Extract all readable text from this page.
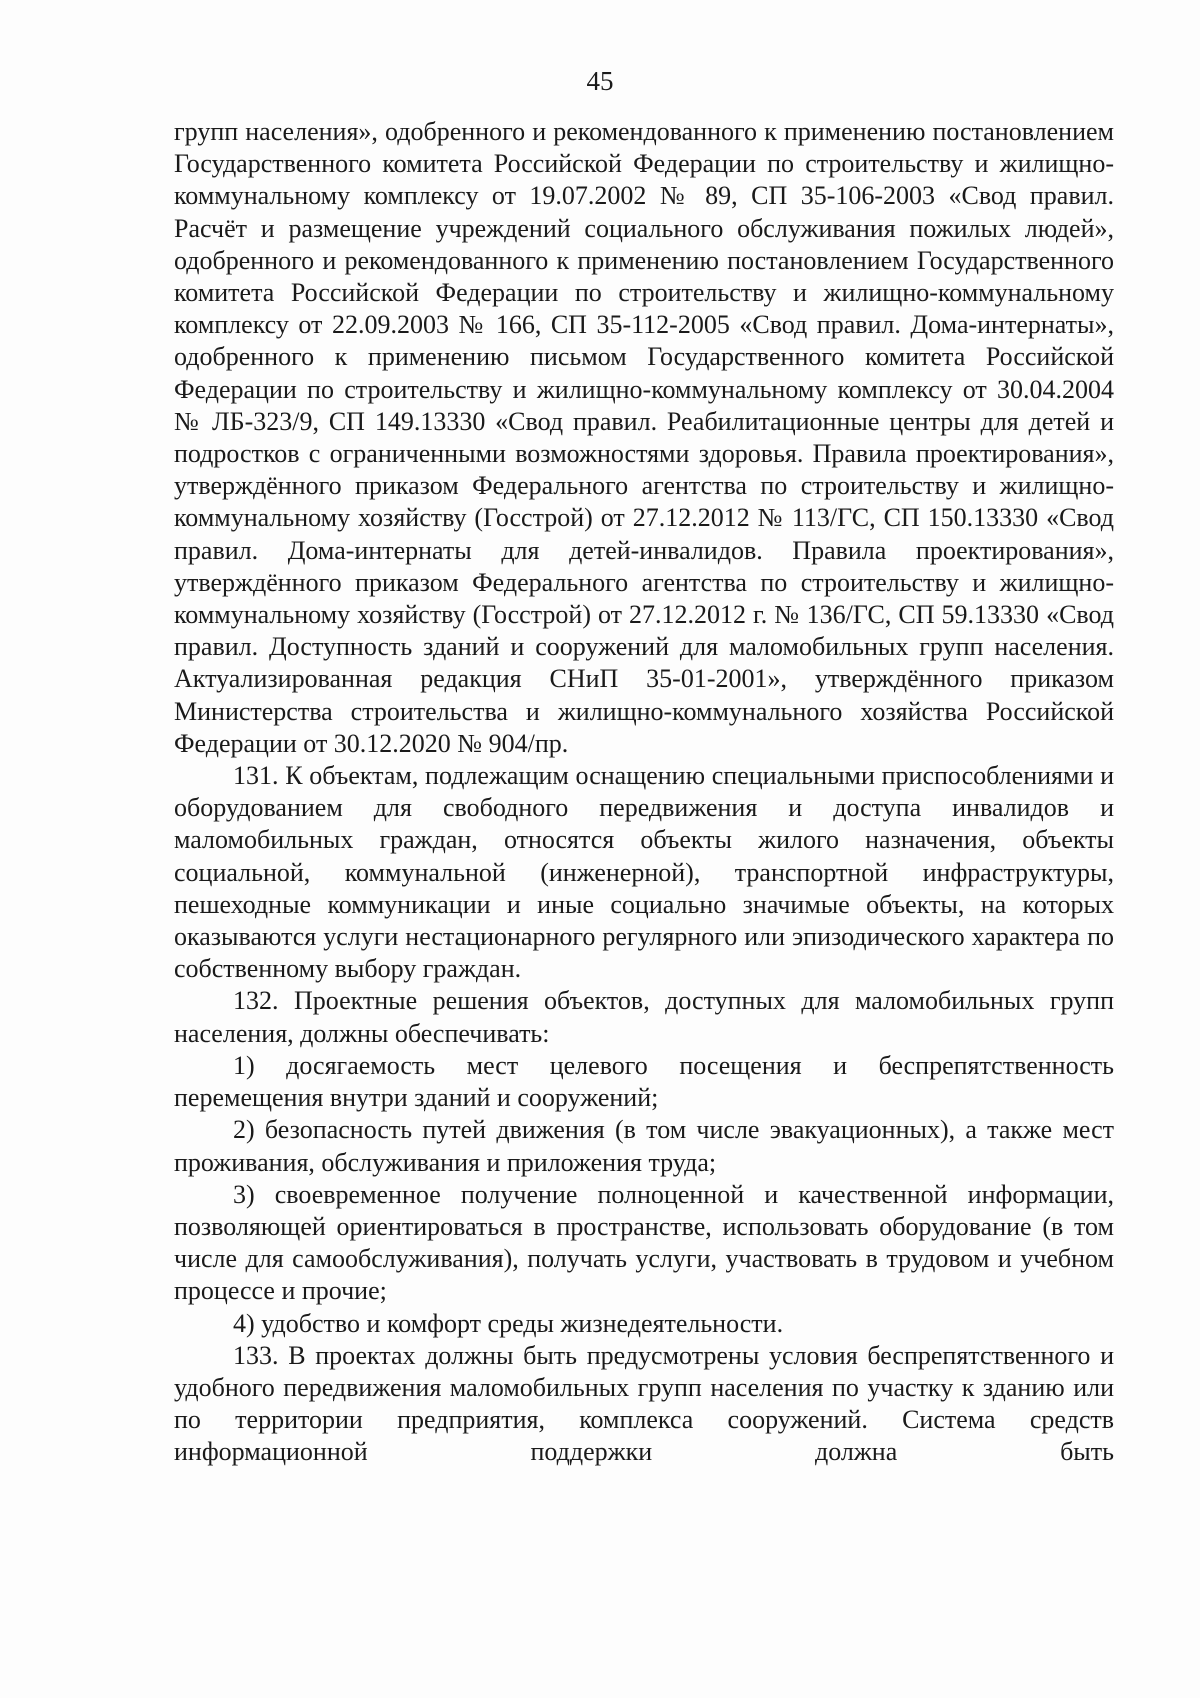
45

групп населения», одобренного и рекомендованного к применению постановлением Государственного комитета Российской Федерации по строительству и жилищно-коммунальному комплексу от 19.07.2002 № 89, СП 35-106-2003 «Свод правил. Расчёт и размещение учреждений социального обслуживания пожилых людей», одобренного и рекомендованного к применению постановлением Государственного комитета Российской Федерации по строительству и жилищно-коммунальному комплексу от 22.09.2003 № 166, СП 35-112-2005 «Свод правил. Дома-интернаты», одобренного к применению письмом Государственного комитета Российской Федерации по строительству и жилищно-коммунальному комплексу от 30.04.2004 № ЛБ-323/9, СП 149.13330 «Свод правил. Реабилитационные центры для детей и подростков с ограниченными возможностями здоровья. Правила проектирования», утверждённого приказом Федерального агентства по строительству и жилищно-коммунальному хозяйству (Госстрой) от 27.12.2012 № 113/ГС, СП 150.13330 «Свод правил. Дома-интернаты для детей-инвалидов. Правила проектирования», утверждённого приказом Федерального агентства по строительству и жилищно-коммунальному хозяйству (Госстрой) от 27.12.2012 г. № 136/ГС, СП 59.13330 «Свод правил. Доступность зданий и сооружений для маломобильных групп населения. Актуализированная редакция СНиП 35-01-2001», утверждённого приказом Министерства строительства и жилищно-коммунального хозяйства Российской Федерации от 30.12.2020 № 904/пр.

131. К объектам, подлежащим оснащению специальными приспособлениями и оборудованием для свободного передвижения и доступа инвалидов и маломобильных граждан, относятся объекты жилого назначения, объекты социальной, коммунальной (инженерной), транспортной инфраструктуры, пешеходные коммуникации и иные социально значимые объекты, на которых оказываются услуги нестационарного регулярного или эпизодического характера по собственному выбору граждан.

132. Проектные решения объектов, доступных для маломобильных групп населения, должны обеспечивать:

1) досягаемость мест целевого посещения и беспрепятственность перемещения внутри зданий и сооружений;

2) безопасность путей движения (в том числе эвакуационных), а также мест проживания, обслуживания и приложения труда;

3) своевременное получение полноценной и качественной информации, позволяющей ориентироваться в пространстве, использовать оборудование (в том числе для самообслуживания), получать услуги, участвовать в трудовом и учебном процессе и прочие;

4) удобство и комфорт среды жизнедеятельности.

133. В проектах должны быть предусмотрены условия беспрепятственного и удобного передвижения маломобильных групп населения по участку к зданию или по территории предприятия, комплекса сооружений. Система средств информационной поддержки должна быть
